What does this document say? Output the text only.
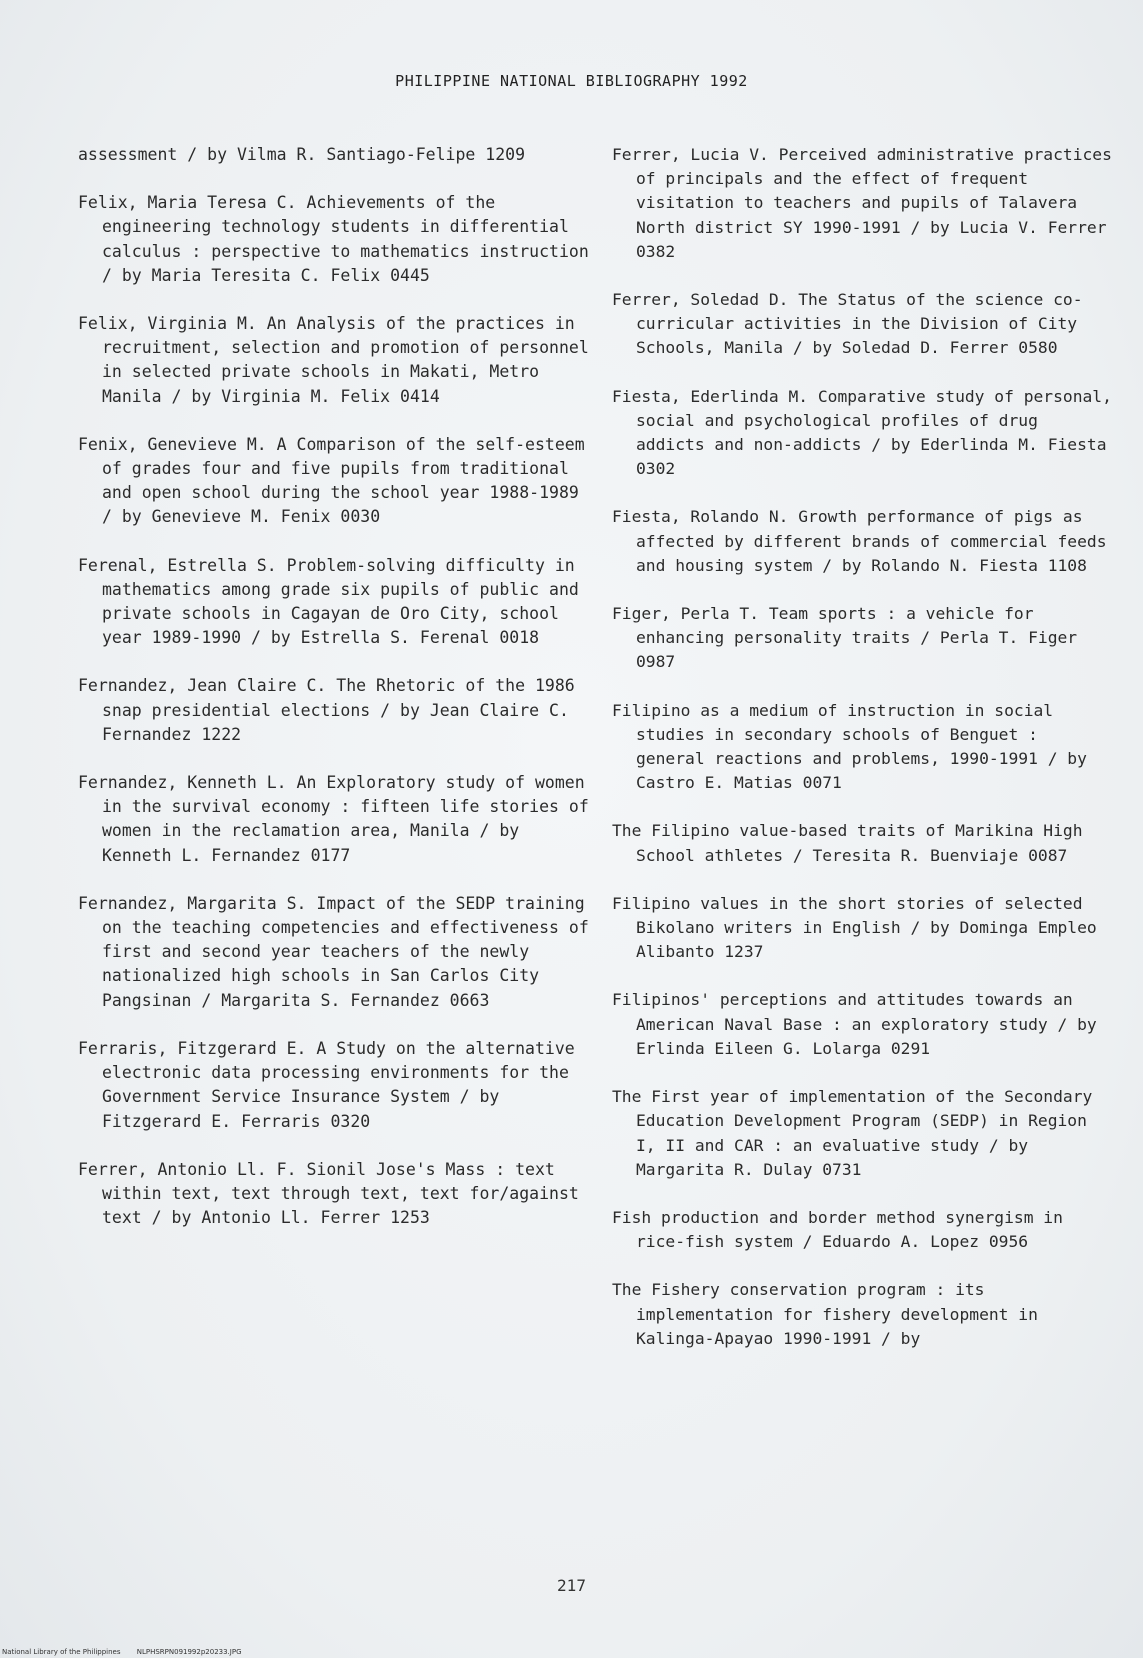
PHILIPPINE NATIONAL BIBLIOGRAPHY 1992

assessment / by Vilma R. Santiago-Felipe 1209

Felix, Maria Teresa C. Achievements of the engineering technology students in differential calculus : perspective to mathematics instruction / by Maria Teresita C. Felix 0445

Felix, Virginia M. An Analysis of the practices in recruitment, selection and promotion of personnel in selected private schools in Makati, Metro Manila / by Virginia M. Felix 0414

Fenix, Genevieve M. A Comparison of the self-esteem of grades four and five pupils from traditional and open school during the school year 1988-1989 / by Genevieve M. Fenix 0030

Ferenal, Estrella S. Problem-solving difficulty in mathematics among grade six pupils of public and private schools in Cagayan de Oro City, school year 1989-1990 / by Estrella S. Ferenal 0018

Fernandez, Jean Claire C. The Rhetoric of the 1986 snap presidential elections / by Jean Claire C. Fernandez 1222

Fernandez, Kenneth L. An Exploratory study of women in the survival economy : fifteen life stories of women in the reclamation area, Manila / by Kenneth L. Fernandez 0177

Fernandez, Margarita S. Impact of the SEDP training on the teaching competencies and effectiveness of first and second year teachers of the newly nationalized high schools in San Carlos City Pangsinan / Margarita S. Fernandez 0663

Ferraris, Fitzgerard E. A Study on the alternative electronic data processing environments for the Government Service Insurance System / by Fitzgerard E. Ferraris 0320

Ferrer, Antonio Ll. F. Sionil Jose's Mass : text within text, text through text, text for/against text / by Antonio Ll. Ferrer 1253

Ferrer, Lucia V. Perceived administrative practices of principals and the effect of frequent visitation to teachers and pupils of Talavera North district SY 1990-1991 / by Lucia V. Ferrer 0382

Ferrer, Soledad D. The Status of the science co-curricular activities in the Division of City Schools, Manila / by Soledad D. Ferrer 0580

Fiesta, Ederlinda M. Comparative study of personal, social and psychological profiles of drug addicts and non-addicts / by Ederlinda M. Fiesta 0302

Fiesta, Rolando N. Growth performance of pigs as affected by different brands of commercial feeds and housing system / by Rolando N. Fiesta 1108

Figer, Perla T. Team sports : a vehicle for enhancing personality traits / Perla T. Figer 0987

Filipino as a medium of instruction in social studies in secondary schools of Benguet : general reactions and problems, 1990-1991 / by Castro E. Matias 0071

The Filipino value-based traits of Marikina High School athletes / Teresita R. Buenviaje 0087

Filipino values in the short stories of selected Bikolano writers in English / by Dominga Empleo Alibanto 1237

Filipinos' perceptions and attitudes towards an American Naval Base : an exploratory study / by Erlinda Eileen G. Lolarga 0291

The First year of implementation of the Secondary Education Development Program (SEDP) in Region I, II and CAR : an evaluative study / by Margarita R. Dulay 0731

Fish production and border method synergism in rice-fish system / Eduardo A. Lopez 0956

The Fishery conservation program : its implementation for fishery development in Kalinga-Apayao 1990-1991 / by

217
National Library of the Philippines NLPHSRPN091992p20233.JPG
